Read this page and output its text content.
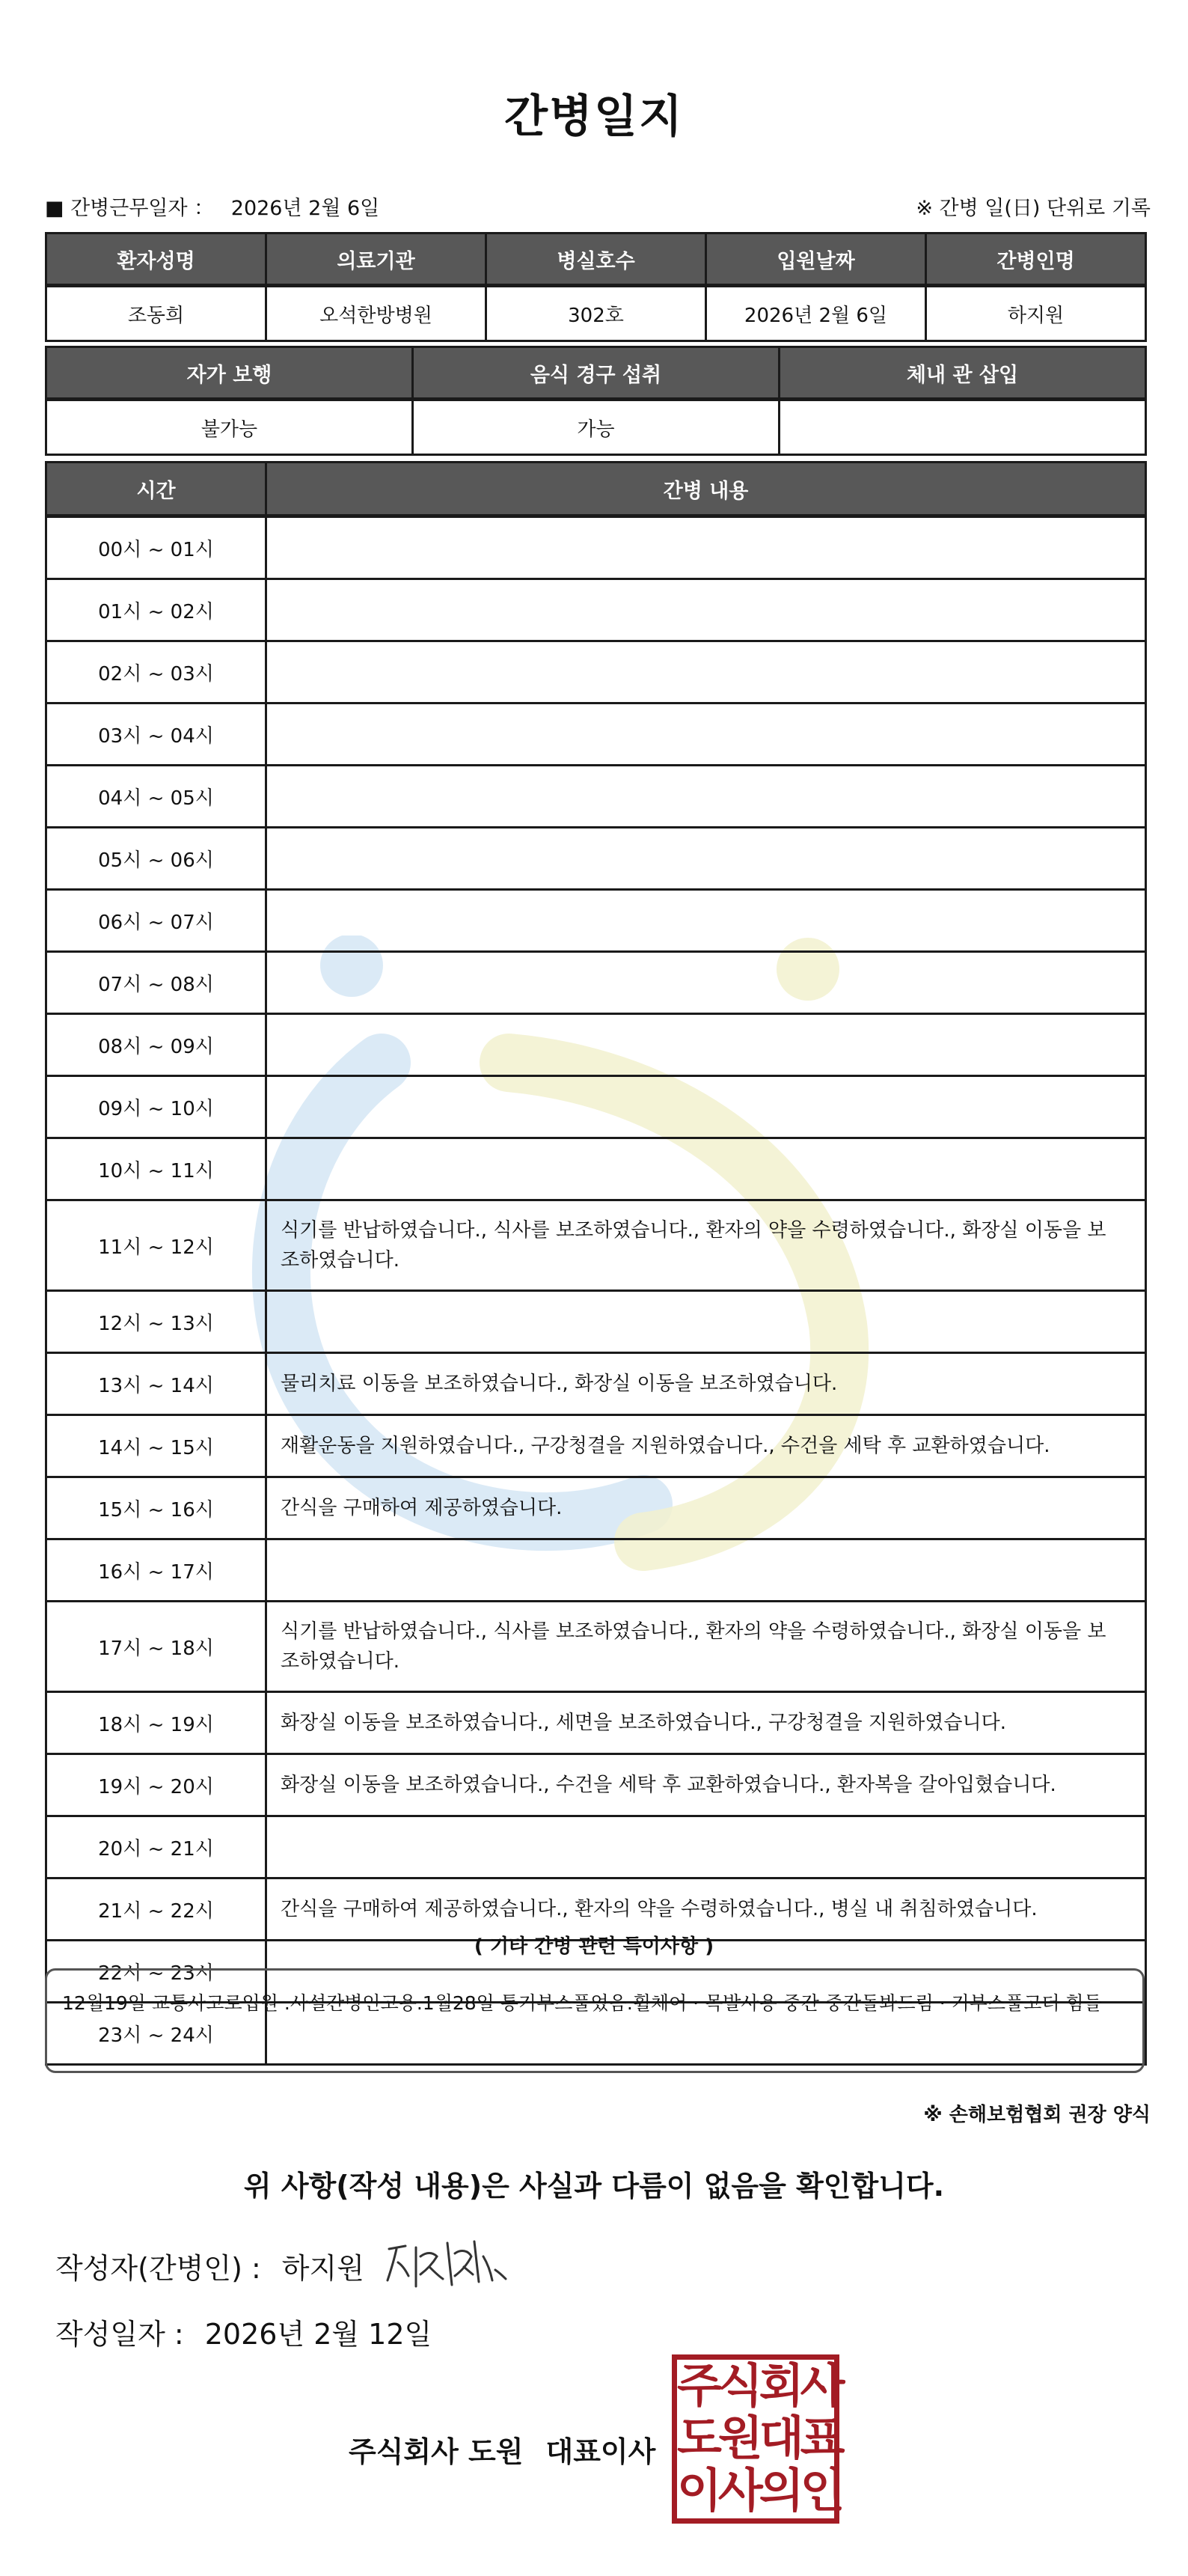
간병일지
■ 간병근무일자 ： 2026년 2월 6일	※ 간병 일(日) 단위로 기록
환자성명	의료기관	병실호수	입원날짜	간병인명
조동희	오석한방병원	302호	2026년 2월 6일	하지원
자가 보행	음식 경구 섭취	체내 관 삽입
불가능	가능	
시간	간병 내용
00시 ~ 01시	
01시 ~ 02시	
02시 ~ 03시	
03시 ~ 04시	
04시 ~ 05시	
05시 ~ 06시	
06시 ~ 07시	
07시 ~ 08시	
08시 ~ 09시	
09시 ~ 10시	
10시 ~ 11시	
11시 ~ 12시	식기를 반납하였습니다., 식사를 보조하였습니다., 환자의 약을 수령하였습니다., 화장실 이동을 보조하였습니다.
12시 ~ 13시	
13시 ~ 14시	물리치료 이동을 보조하였습니다., 화장실 이동을 보조하였습니다.
14시 ~ 15시	재활운동을 지원하였습니다., 구강청결을 지원하였습니다., 수건을 세탁 후 교환하였습니다.
15시 ~ 16시	간식을 구매하여 제공하였습니다.
16시 ~ 17시	
17시 ~ 18시	식기를 반납하였습니다., 식사를 보조하였습니다., 환자의 약을 수령하였습니다., 화장실 이동을 보조하였습니다.
18시 ~ 19시	화장실 이동을 보조하였습니다., 세면을 보조하였습니다., 구강청결을 지원하였습니다.
19시 ~ 20시	화장실 이동을 보조하였습니다., 수건을 세탁 후 교환하였습니다., 환자복을 갈아입혔습니다.
20시 ~ 21시	
21시 ~ 22시	간식을 구매하여 제공하였습니다., 환자의 약을 수령하였습니다., 병실 내 취침하였습니다.
22시 ~ 23시	
23시 ~ 24시	
( 기타 간병 관련 특이사항 )
12월19일 교통사고로입원 .사설간병인고용.1월28일 통기부스풀었음.휠체어 · 목발사용 중간 중간돌봐드림 · 기부스풀고더 힘들
※ 손해보험협회 권장 양식
위 사항(작성 내용)은 사실과 다름이 없음을 확인합니다.
작성자(간병인) : 하지원
작성일자 : 2026년 2월 12일
주식회사 도원 대표이사
주식회사
도원대표
이사의인
